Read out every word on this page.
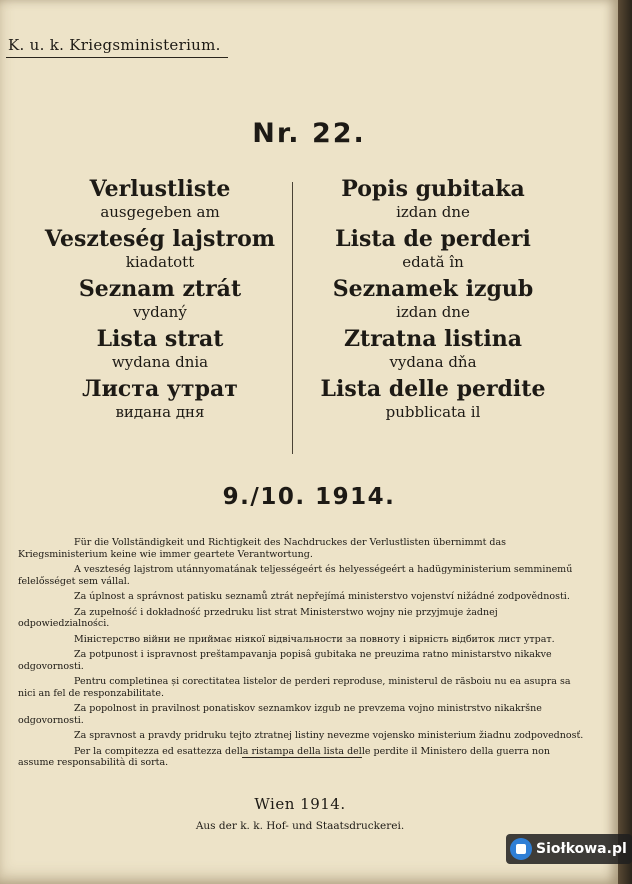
K. u. k. Kriegsministerium.
Nr. 22.
Verlustliste
ausgegeben am
Veszteség lajstrom
kiadatott
Seznam ztrát
vydaný
Lista strat
wydana dnia
Листа утрат
видана дня
Popis gubitaka
izdan dne
Lista de perderi
edată în
Seznamek izgub
izdan dne
Ztratna listina
vydana dňa
Lista delle perdite
pubblicata il
9./10. 1914.
Für die Vollständigkeit und Richtigkeit des Nachdruckes der Verlustlisten übernimmt das Kriegsministerium keine wie immer geartete Verantwortung.
A veszteség lajstrom utánnyomatának teljességeért és helyességeért a hadügyministerium semminemű felelősséget sem vállal.
Za úplnost a správnost patisku seznamů ztrát nepřejímá ministerstvo vojenství nižádné zodpovědnosti.
Za zupełność i dokładność przedruku list strat Ministerstwo wojny nie przyjmuje żadnej odpowiedzialności.
Міністерство війни не приймає ніякої відвічальности за повноту і вірність відбиток лист утрат.
Za potpunost i ispravnost preštampavanja popisâ gubitaka ne preuzima ratno ministarstvo nikakve odgovornosti.
Pentru completinea și corectitatea listelor de perderi reproduse, ministerul de răsboiu nu ea asupra sa nici an fel de responzabilitate.
Za popolnost in pravilnost ponatiskov seznamkov izgub ne prevzema vojno ministrstvo nikakršne odgovornosti.
Za spravnost a pravdy pridruku tejto ztratnej listiny nevezme vojensko ministerium žiadnu zodpovednosť.
Per la compitezza ed esattezza della ristampa della lista delle perdite il Ministero della guerra non assume responsabilità di sorta.
Wien 1914.
Aus der k. k. Hof- und Staatsdruckerei.
Siołkowa.pl
